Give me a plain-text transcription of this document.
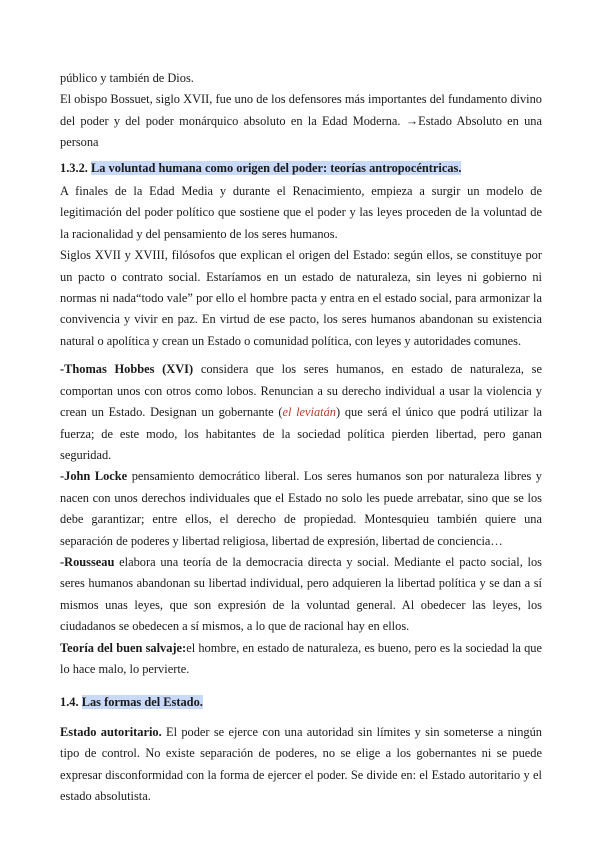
público y también de Dios.

El obispo Bossuet, siglo XVII, fue uno de los defensores más importantes del fundamento divino del poder y del poder monárquico absoluto en la Edad Moderna. →Estado Absoluto en una persona

1.3.2. La voluntad humana como origen del poder: teorías antropocéntricas.

A finales de la Edad Media y durante el Renacimiento, empieza a surgir un modelo de legitimación del poder político que sostiene que el poder y las leyes proceden de la voluntad de la racionalidad y del pensamiento de los seres humanos.

Siglos XVII y XVIII, filósofos que explican el origen del Estado: según ellos, se constituye por un pacto o contrato social. Estaríamos en un estado de naturaleza, sin leyes ni gobierno ni normas ni nada“todo vale” por ello el hombre pacta y entra en el estado social, para armonizar la convivencia y vivir en paz. En virtud de ese pacto, los seres humanos abandonan su existencia natural o apolítica y crean un Estado o comunidad política, con leyes y autoridades comunes.

-Thomas Hobbes (XVI) considera que los seres humanos, en estado de naturaleza, se comportan unos con otros como lobos. Renuncian a su derecho individual a usar la violencia y crean un Estado. Designan un gobernante (el leviatán) que será el único que podrá utilizar la fuerza; de este modo, los habitantes de la sociedad política pierden libertad, pero ganan seguridad.

-John Locke pensamiento democrático liberal. Los seres humanos son por naturaleza libres y nacen con unos derechos individuales que el Estado no solo les puede arrebatar, sino que se los debe garantizar; entre ellos, el derecho de propiedad. Montesquieu también quiere una separación de poderes y libertad religiosa, libertad de expresión, libertad de conciencia…

-Rousseau elabora una teoría de la democracia directa y social. Mediante el pacto social, los seres humanos abandonan su libertad individual, pero adquieren la libertad política y se dan a sí mismos unas leyes, que son expresión de la voluntad general. Al obedecer las leyes, los ciudadanos se obedecen a sí mismos, a lo que de racional hay en ellos.

Teoría del buen salvaje:el hombre, en estado de naturaleza, es bueno, pero es la sociedad la que lo hace malo, lo pervierte.

1.4. Las formas del Estado.

Estado autoritario. El poder se ejerce con una autoridad sin límites y sin someterse a ningún tipo de control. No existe separación de poderes, no se elige a los gobernantes ni se puede expresar disconformidad con la forma de ejercer el poder. Se divide en: el Estado autoritario y el estado absolutista.
